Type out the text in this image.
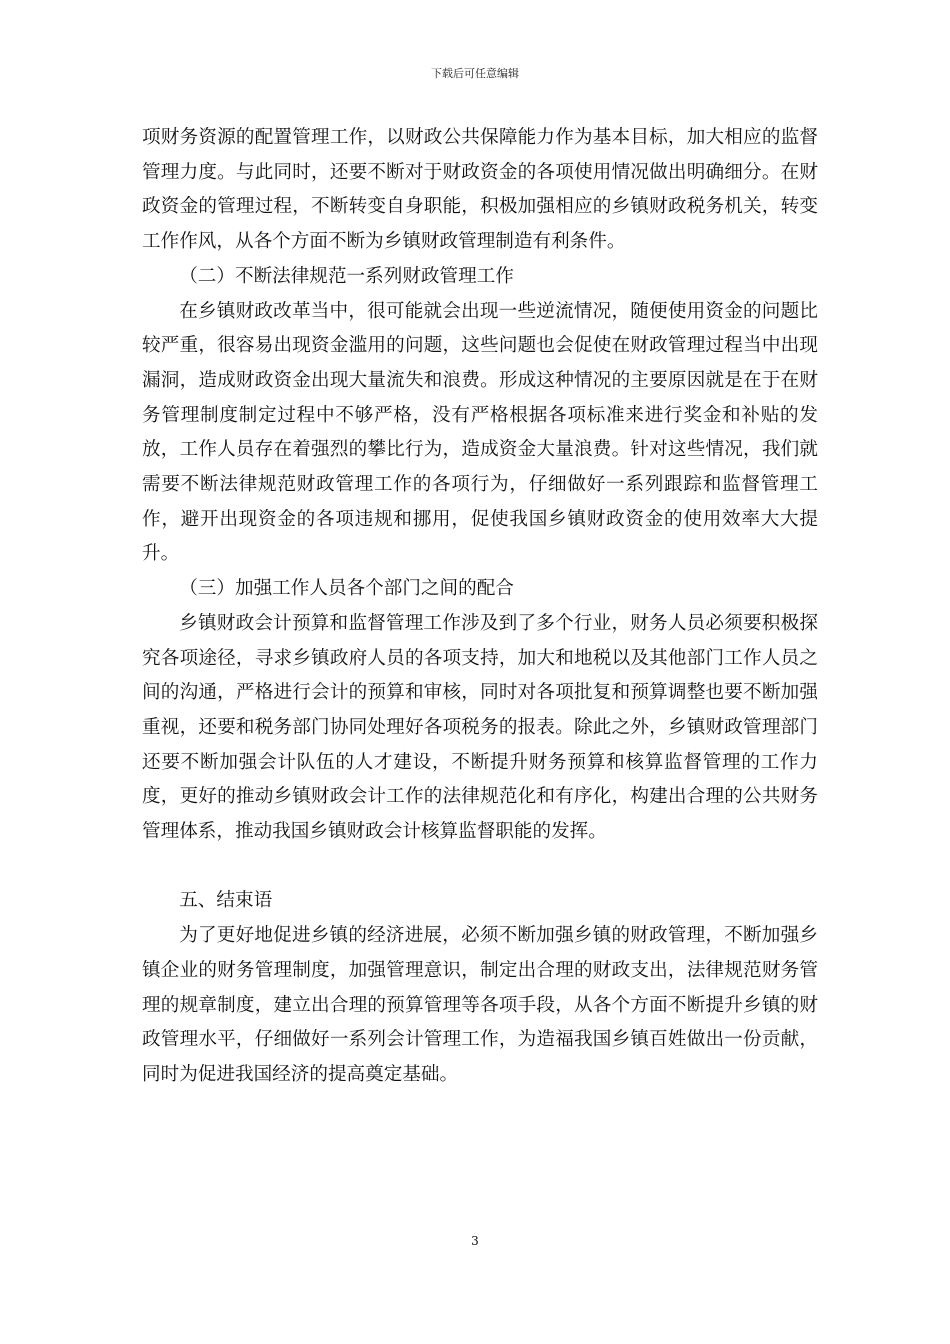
下载后可任意编辑

项财务资源的配置管理工作，以财政公共保障能力作为基本目标，加大相应的监督管理力度。与此同时，还要不断对于财政资金的各项使用情况做出明确细分。在财政资金的管理过程，不断转变自身职能，积极加强相应的乡镇财政税务机关，转变工作作风，从各个方面不断为乡镇财政管理制造有利条件。

（二）不断法律规范一系列财政管理工作

在乡镇财政改革当中，很可能就会出现一些逆流情况，随便使用资金的问题比较严重，很容易出现资金滥用的问题，这些问题也会促使在财政管理过程当中出现漏洞，造成财政资金出现大量流失和浪费。形成这种情况的主要原因就是在于在财务管理制度制定过程中不够严格，没有严格根据各项标准来进行奖金和补贴的发放，工作人员存在着强烈的攀比行为，造成资金大量浪费。针对这些情况，我们就需要不断法律规范财政管理工作的各项行为，仔细做好一系列跟踪和监督管理工作，避开出现资金的各项违规和挪用，促使我国乡镇财政资金的使用效率大大提升。

（三）加强工作人员各个部门之间的配合

乡镇财政会计预算和监督管理工作涉及到了多个行业，财务人员必须要积极探究各项途径，寻求乡镇政府人员的各项支持，加大和地税以及其他部门工作人员之间的沟通，严格进行会计的预算和审核，同时对各项批复和预算调整也要不断加强重视，还要和税务部门协同处理好各项税务的报表。除此之外，乡镇财政管理部门还要不断加强会计队伍的人才建设，不断提升财务预算和核算监督管理的工作力度，更好的推动乡镇财政会计工作的法律规范化和有序化，构建出合理的公共财务管理体系，推动我国乡镇财政会计核算监督职能的发挥。

五、结束语

为了更好地促进乡镇的经济进展，必须不断加强乡镇的财政管理，不断加强乡镇企业的财务管理制度，加强管理意识，制定出合理的财政支出，法律规范财务管理的规章制度，建立出合理的预算管理等各项手段，从各个方面不断提升乡镇的财政管理水平，仔细做好一系列会计管理工作，为造福我国乡镇百姓做出一份贡献，同时为促进我国经济的提高奠定基础。

3
